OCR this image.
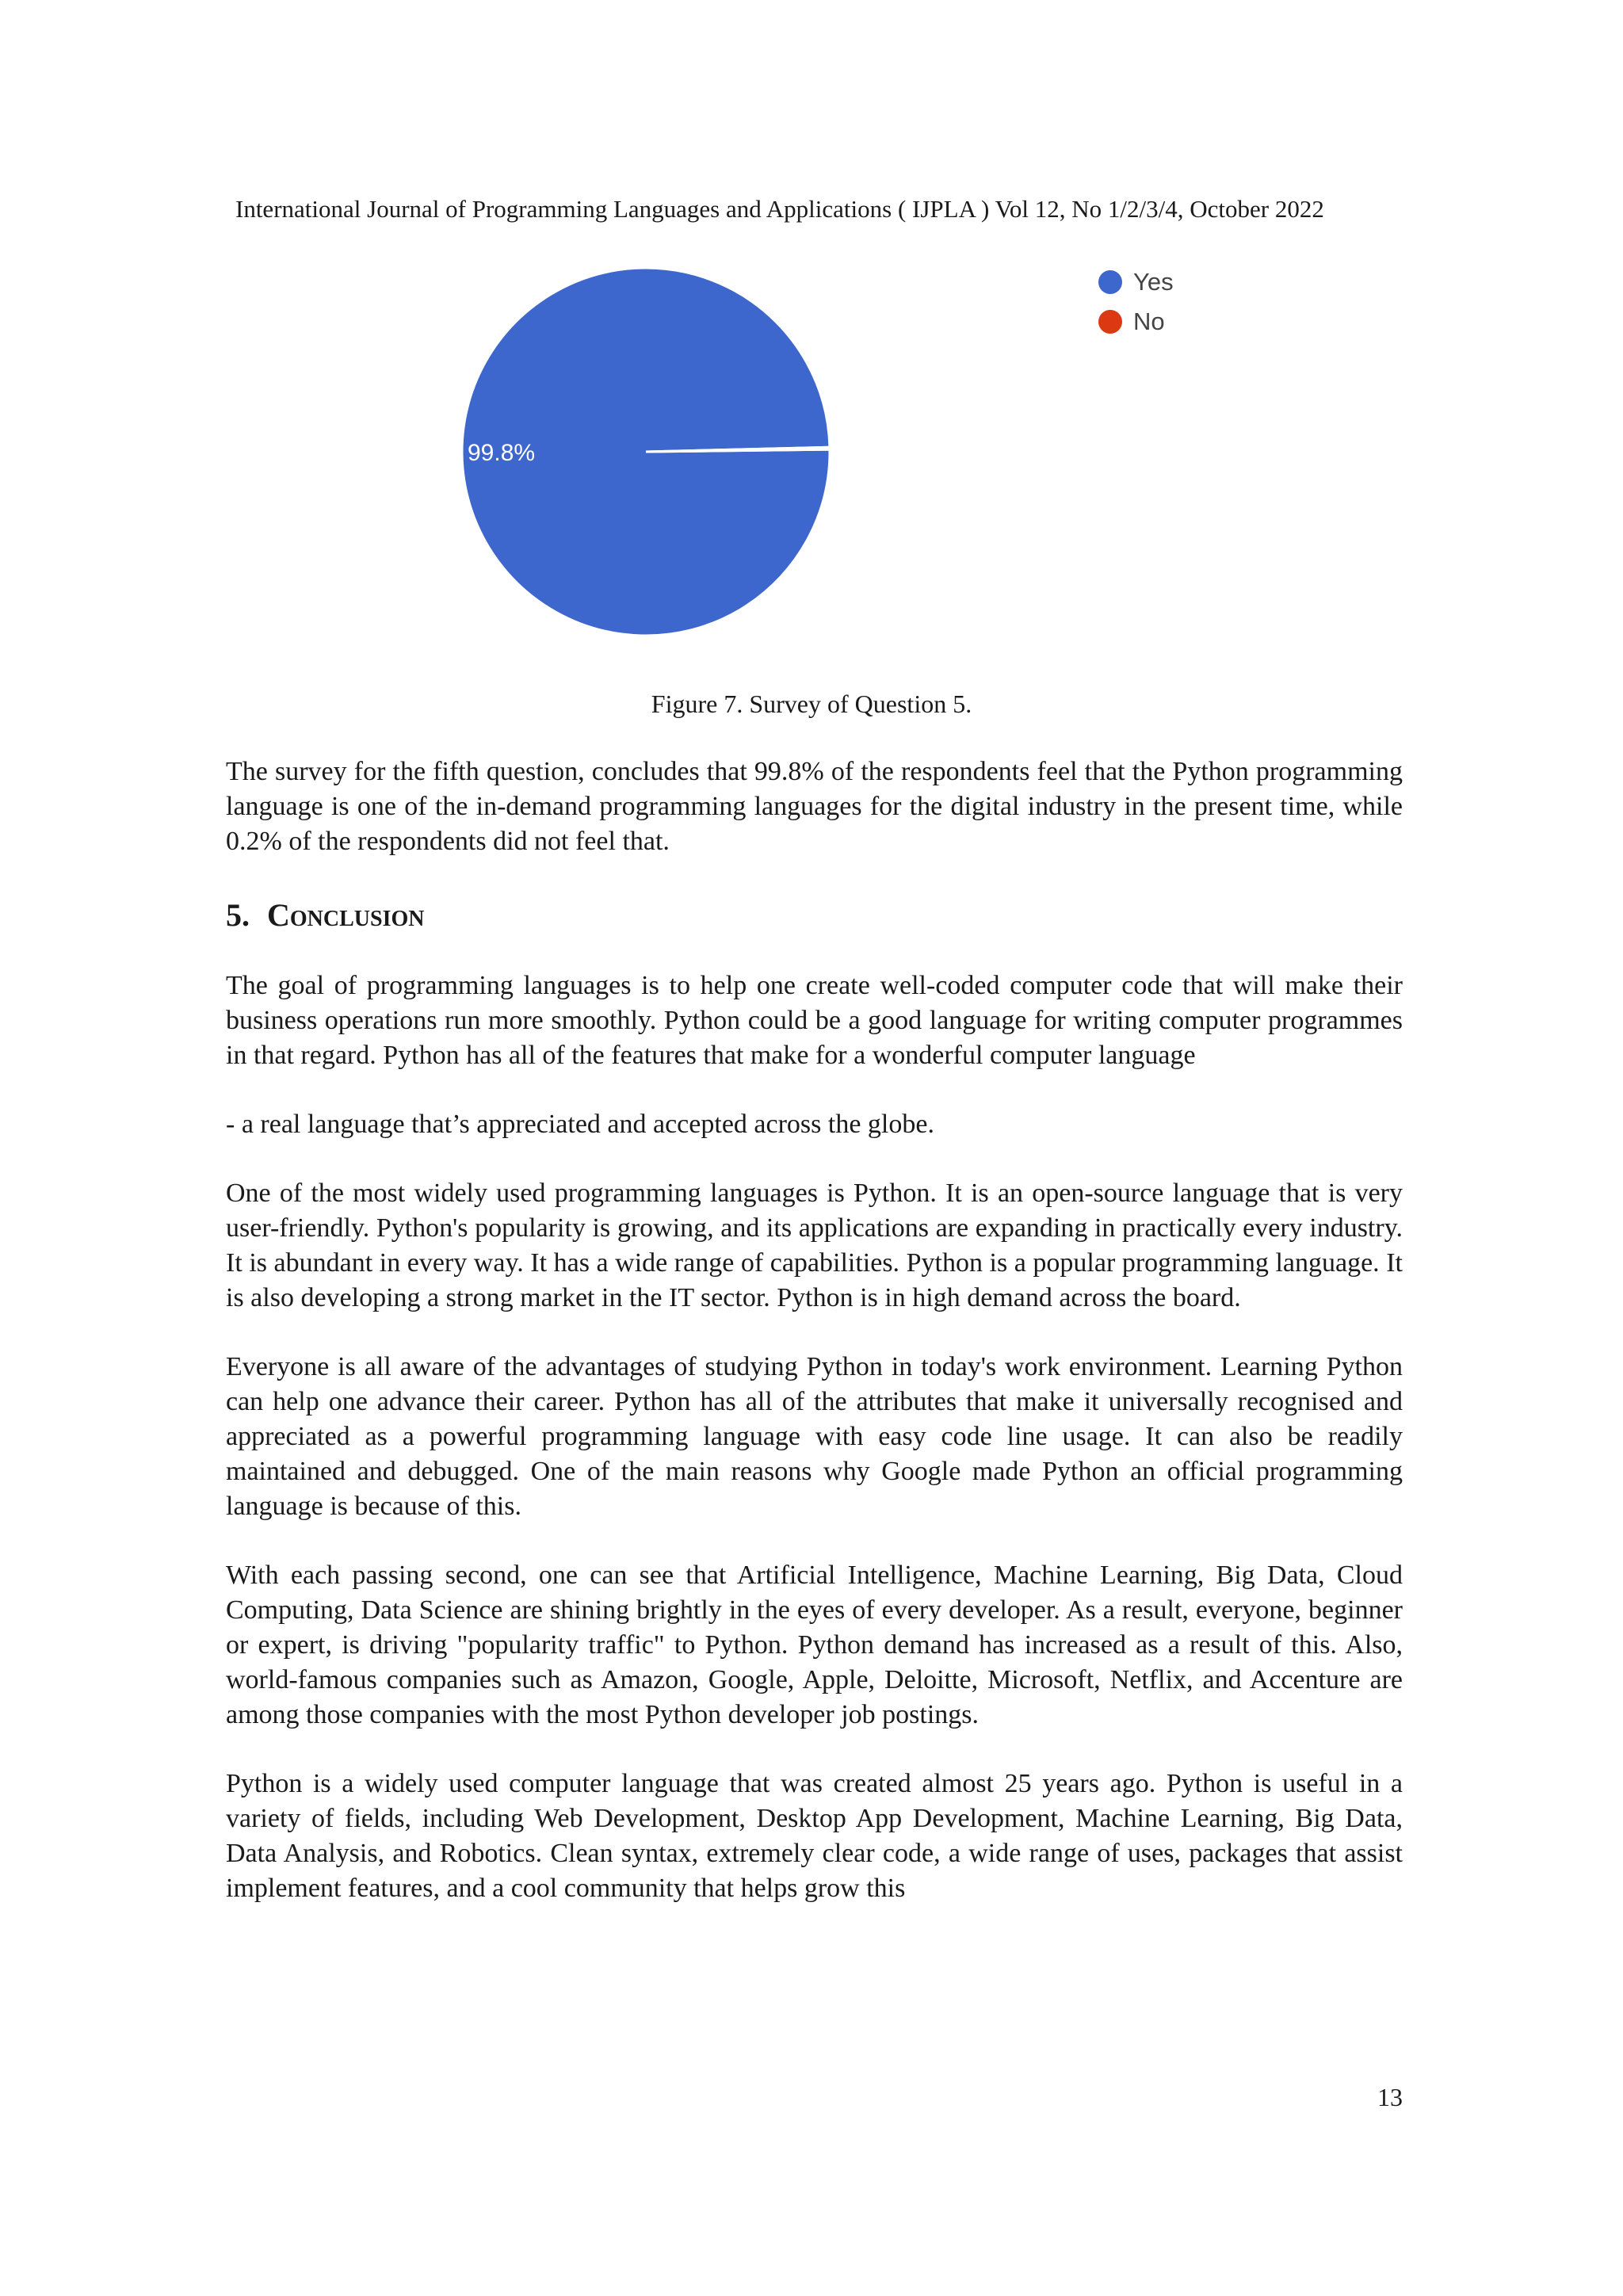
International Journal of Programming Languages and Applications ( IJPLA ) Vol 12, No 1/2/3/4, October 2022
99.8%
Yes
No
Figure 7. Survey of Question 5.

The survey for the fifth question, concludes that 99.8% of the respondents feel that the Python programming language is one of the in-demand programming languages for the digital industry in the present time, while 0.2% of the respondents did not feel that.

5. Conclusion

The goal of programming languages is to help one create well-coded computer code that will make their business operations run more smoothly. Python could be a good language for writing computer programmes in that regard. Python has all of the features that make for a wonderful computer language

- a real language that’s appreciated and accepted across the globe.

One of the most widely used programming languages is Python. It is an open-source language that is very user-friendly. Python's popularity is growing, and its applications are expanding in practically every industry. It is abundant in every way. It has a wide range of capabilities. Python is a popular programming language. It is also developing a strong market in the IT sector. Python is in high demand across the board.

Everyone is all aware of the advantages of studying Python in today's work environment. Learning Python can help one advance their career. Python has all of the attributes that make it universally recognised and appreciated as a powerful programming language with easy code line usage. It can also be readily maintained and debugged. One of the main reasons why Google made Python an official programming language is because of this.

With each passing second, one can see that Artificial Intelligence, Machine Learning, Big Data, Cloud Computing, Data Science are shining brightly in the eyes of every developer. As a result, everyone, beginner or expert, is driving "popularity traffic" to Python. Python demand has increased as a result of this. Also, world-famous companies such as Amazon, Google, Apple, Deloitte, Microsoft, Netflix, and Accenture are among those companies with the most Python developer job postings.

Python is a widely used computer language that was created almost 25 years ago. Python is useful in a variety of fields, including Web Development, Desktop App Development, Machine Learning, Big Data, Data Analysis, and Robotics. Clean syntax, extremely clear code, a wide range of uses, packages that assist implement features, and a cool community that helps grow this

13
